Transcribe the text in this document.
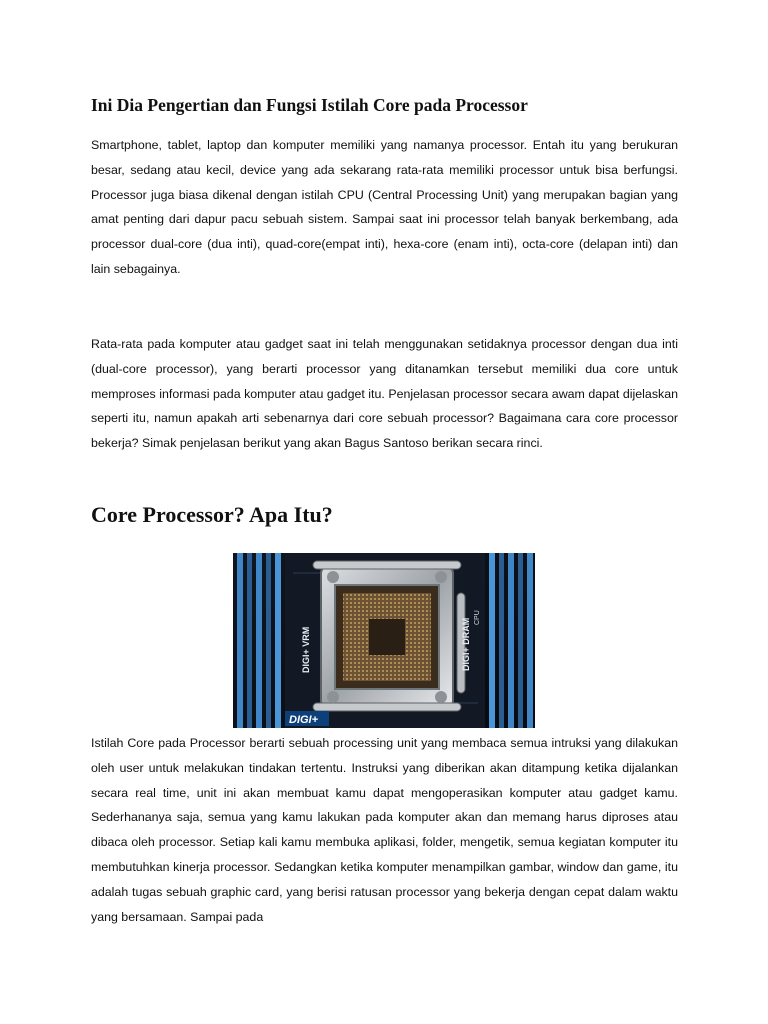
Ini Dia Pengertian dan Fungsi Istilah Core pada Processor

Smartphone, tablet, laptop dan komputer memiliki yang namanya processor. Entah itu yang berukuran besar, sedang atau kecil, device yang ada sekarang rata-rata memiliki processor untuk bisa berfungsi. Processor juga biasa dikenal dengan istilah CPU (Central Processing Unit) yang merupakan bagian yang amat penting dari dapur pacu sebuah sistem. Sampai saat ini processor telah banyak berkembang, ada processor dual-core (dua inti), quad-core(empat inti), hexa-core (enam inti), octa-core (delapan inti) dan lain sebagainya.

Rata-rata pada komputer atau gadget saat ini telah menggunakan setidaknya processor dengan dua inti (dual-core processor), yang berarti processor yang ditanamkan tersebut memiliki dua core untuk memproses informasi pada komputer atau gadget itu. Penjelasan processor secara awam dapat dijelaskan seperti itu, namun apakah arti sebenarnya dari core sebuah processor? Bagaimana cara core processor bekerja? Simak penjelasan berikut yang akan Bagus Santoso berikan secara rinci.

Core Processor? Apa Itu?
DIGI+ VRM	DIGI+ DRAM
CPU
DIGI+

Istilah Core pada Processor berarti sebuah processing unit yang membaca semua intruksi yang dilakukan oleh user untuk melakukan tindakan tertentu. Instruksi yang diberikan akan ditampung ketika dijalankan secara real time, unit ini akan membuat kamu dapat mengoperasikan komputer atau gadget kamu. Sederhananya saja, semua yang kamu lakukan pada komputer akan dan memang harus diproses atau dibaca oleh processor. Setiap kali kamu membuka aplikasi, folder, mengetik, semua kegiatan komputer itu membutuhkan kinerja processor. Sedangkan ketika komputer menampilkan gambar, window dan game, itu adalah tugas sebuah graphic card, yang berisi ratusan processor yang bekerja dengan cepat dalam waktu yang bersamaan. Sampai pada
